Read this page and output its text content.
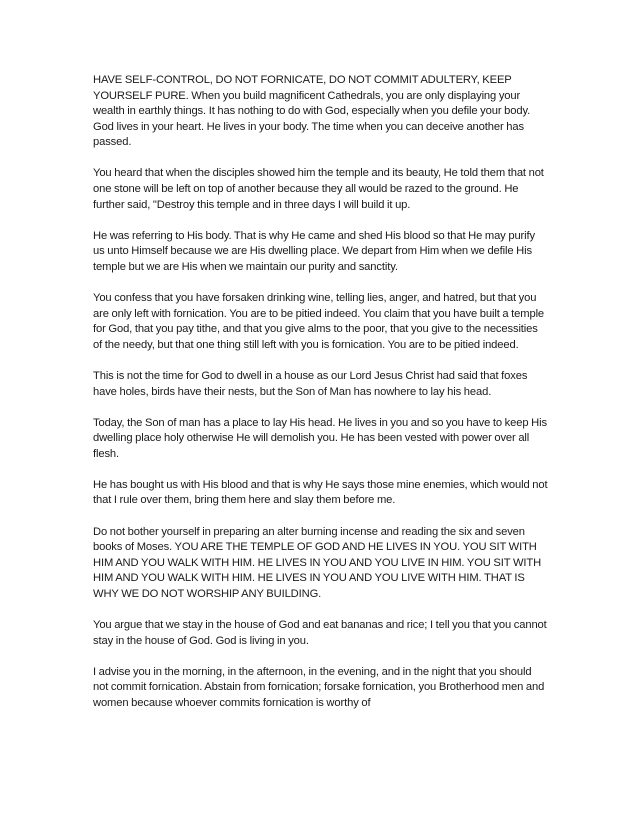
HAVE SELF-CONTROL, DO NOT FORNICATE, DO NOT COMMIT ADULTERY, KEEP YOURSELF PURE. When you build magnificent Cathedrals, you are only displaying your wealth in earthly things. It has nothing to do with God, especially when you defile your body. God lives in your heart. He lives in your body. The time when you can deceive another has passed.

You heard that when the disciples showed him the temple and its beauty, He told them that not one stone will be left on top of another because they all would be razed to the ground. He further said, "Destroy this temple and in three days I will build it up.

He was referring to His body. That is why He came and shed His blood so that He may purify us unto Himself because we are His dwelling place. We depart from Him when we defile His temple but we are His when we maintain our purity and sanctity.

You confess that you have forsaken drinking wine, telling lies, anger, and hatred, but that you are only left with fornication. You are to be pitied indeed. You claim that you have built a temple for God, that you pay tithe, and that you give alms to the poor, that you give to the necessities of the needy, but that one thing still left with you is fornication. You are to be pitied indeed.

This is not the time for God to dwell in a house as our Lord Jesus Christ had said that foxes have holes, birds have their nests, but the Son of Man has nowhere to lay his head.

Today, the Son of man has a place to lay His head. He lives in you and so you have to keep His dwelling place holy otherwise He will demolish you. He has been vested with power over all flesh.

He has bought us with His blood and that is why He says those mine enemies, which would not that I rule over them, bring them here and slay them before me.

Do not bother yourself in preparing an alter burning incense and reading the six and seven books of Moses. YOU ARE THE TEMPLE OF GOD AND HE LIVES IN YOU. YOU SIT WITH HIM AND YOU WALK WITH HIM. HE LIVES IN YOU AND YOU LIVE IN HIM. YOU SIT WITH HIM AND YOU WALK WITH HIM. HE LIVES IN YOU AND YOU LIVE WITH HIM. THAT IS WHY WE DO NOT WORSHIP ANY BUILDING.

You argue that we stay in the house of God and eat bananas and rice; I tell you that you cannot stay in the house of God. God is living in you.

I advise you in the morning, in the afternoon, in the evening, and in the night that you should not commit fornication. Abstain from fornication; forsake fornication, you Brotherhood men and women because whoever commits fornication is worthy of
